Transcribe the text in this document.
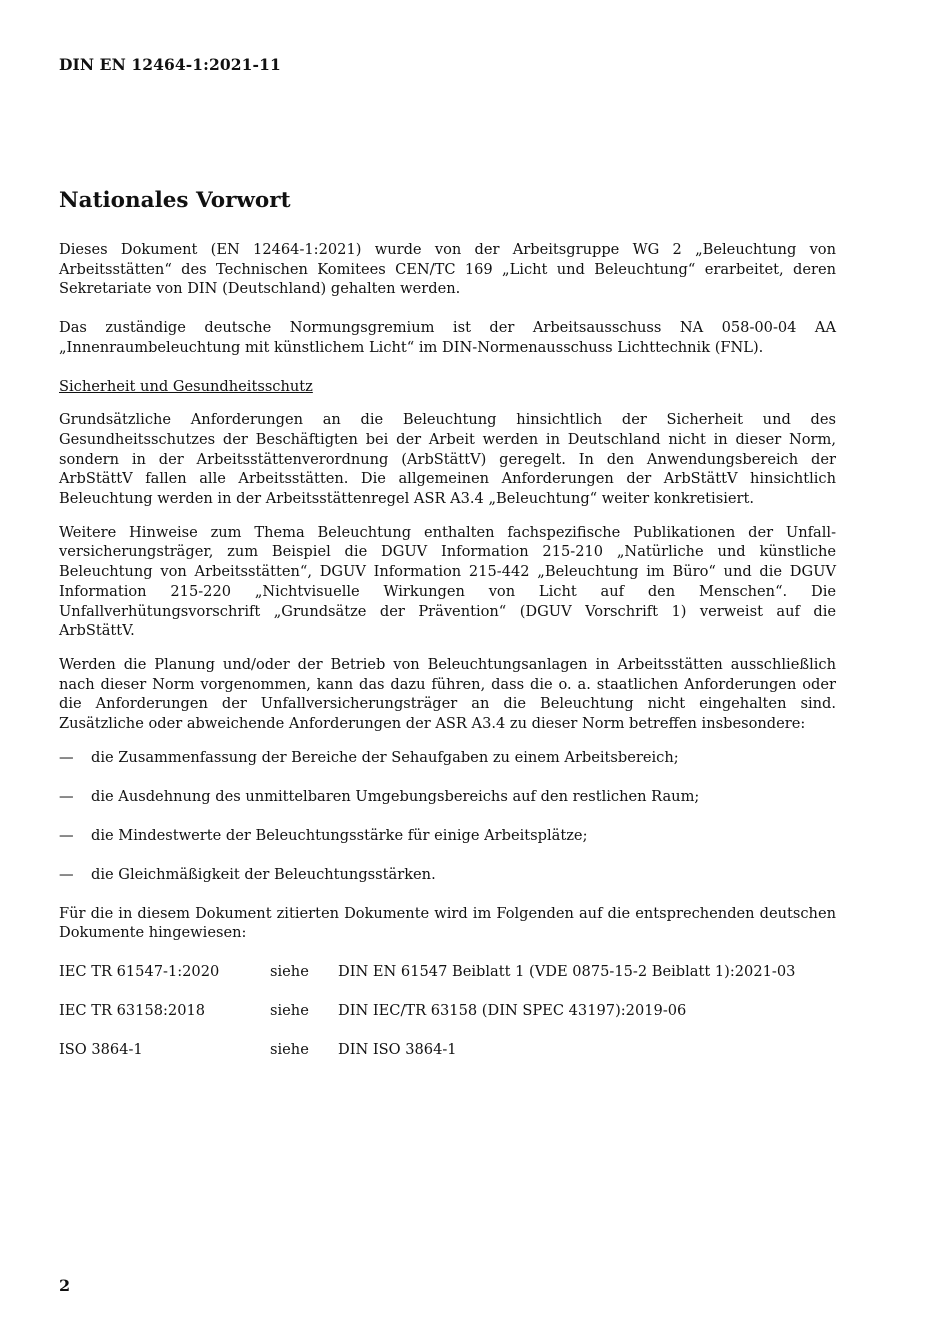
DIN EN 12464-1:2021-11
Nationales Vorwort

Dieses Dokument (EN 12464-1:2021) wurde von der Arbeitsgruppe WG 2 „Beleuchtung von Arbeitsstätten“ des Technischen Komitees CEN/TC 169 „Licht und Beleuchtung“ erarbeitet, deren Sekretariate von DIN (Deutschland) gehalten werden.

Das zuständige deutsche Normungsgremium ist der Arbeitsausschuss NA 058-00-04 AA
„Innenraumbeleuchtung mit künstlichem Licht“ im DIN-Normenausschuss Lichttechnik (FNL).

Sicherheit und Gesundheitsschutz

Grundsätzliche Anforderungen an die Beleuchtung hinsichtlich der Sicherheit und des Gesundheitsschutzes der Beschäftigten bei der Arbeit werden in Deutschland nicht in dieser Norm, sondern in der Arbeitsstättenverordnung (ArbStättV) geregelt. In den Anwendungsbereich der ArbStättV fallen alle Arbeitsstätten. Die allgemeinen Anforderungen der ArbStättV hinsichtlich Beleuchtung werden in der Arbeitsstättenregel ASR A3.4 „Beleuchtung“ weiter konkretisiert.

Weitere Hinweise zum Thema Beleuchtung enthalten fachspezifische Publikationen der Unfallversicherungsträger, zum Beispiel die DGUV Information 215-210 „Natürliche und künstliche Beleuchtung von Arbeitsstätten“, DGUV Information 215-442 „Beleuchtung im Büro“ und die DGUV Information 215-220 „Nichtvisuelle Wirkungen von Licht auf den Menschen“. Die Unfallverhütungsvorschrift „Grundsätze der Prävention“ (DGUV Vorschrift 1) verweist auf die ArbStättV.

Werden die Planung und/oder der Betrieb von Beleuchtungsanlagen in Arbeitsstätten ausschließlich nach dieser Norm vorgenommen, kann das dazu führen, dass die o. a. staatlichen Anforderungen oder die Anforderungen der Unfallversicherungsträger an die Beleuchtung nicht eingehalten sind. Zusätzliche oder abweichende Anforderungen der ASR A3.4 zu dieser Norm betreffen insbesondere:

— die Zusammenfassung der Bereiche der Sehaufgaben zu einem Arbeitsbereich;
— die Ausdehnung des unmittelbaren Umgebungsbereichs auf den restlichen Raum;
— die Mindestwerte der Beleuchtungsstärke für einige Arbeitsplätze;
— die Gleichmäßigkeit der Beleuchtungsstärken.

Für die in diesem Dokument zitierten Dokumente wird im Folgenden auf die entsprechenden deutschen Dokumente hingewiesen:

IEC TR 61547-1:2020	siehe	DIN EN 61547 Beiblatt 1 (VDE 0875-15-2 Beiblatt 1):2021-03
IEC TR 63158:2018	siehe	DIN IEC/TR 63158 (DIN SPEC 43197):2019-06
ISO 3864-1	siehe	DIN ISO 3864-1
2
